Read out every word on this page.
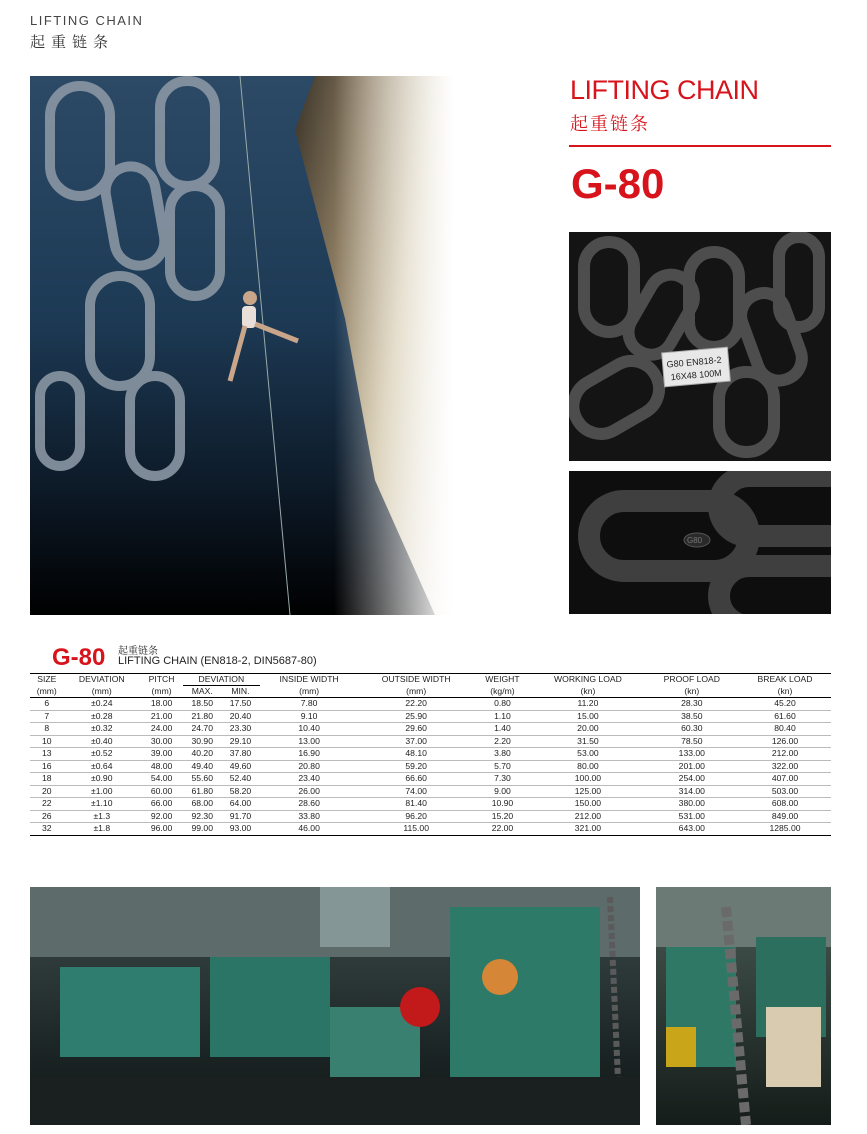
LIFTING CHAIN
起重链条
LIFTING CHAIN
起重链条
G-80
G80 EN818-2
16X48 100M
G80
G-80 起重链条
LIFTING CHAIN (EN818-2, DIN5687-80)
SIZE	DEVIATION	PITCH	DEVIATION		INSIDE WIDTH	OUTSIDE WIDTH	WEIGHT	WORKING LOAD	PROOF LOAD	BREAK LOAD
(mm)	(mm)	(mm)	MAX.	MIN.	(mm)	(mm)	(kg/m)	(kn)	(kn)	(kn)
6	±0.24	18.00	18.50	17.50	7.80	22.20	0.80	11.20	28.30	45.20
7	±0.28	21.00	21.80	20.40	9.10	25.90	1.10	15.00	38.50	61.60
8	±0.32	24.00	24.70	23.30	10.40	29.60	1.40	20.00	60.30	80.40
10	±0.40	30.00	30.90	29.10	13.00	37.00	2.20	31.50	78.50	126.00
13	±0.52	39.00	40.20	37.80	16.90	48.10	3.80	53.00	133.00	212.00
16	±0.64	48.00	49.40	49.60	20.80	59.20	5.70	80.00	201.00	322.00
18	±0.90	54.00	55.60	52.40	23.40	66.60	7.30	100.00	254.00	407.00
20	±1.00	60.00	61.80	58.20	26.00	74.00	9.00	125.00	314.00	503.00
22	±1.10	66.00	68.00	64.00	28.60	81.40	10.90	150.00	380.00	608.00
26	±1.3	92.00	92.30	91.70	33.80	96.20	15.20	212.00	531.00	849.00
32	±1.8	96.00	99.00	93.00	46.00	115.00	22.00	321.00	643.00	1285.00
